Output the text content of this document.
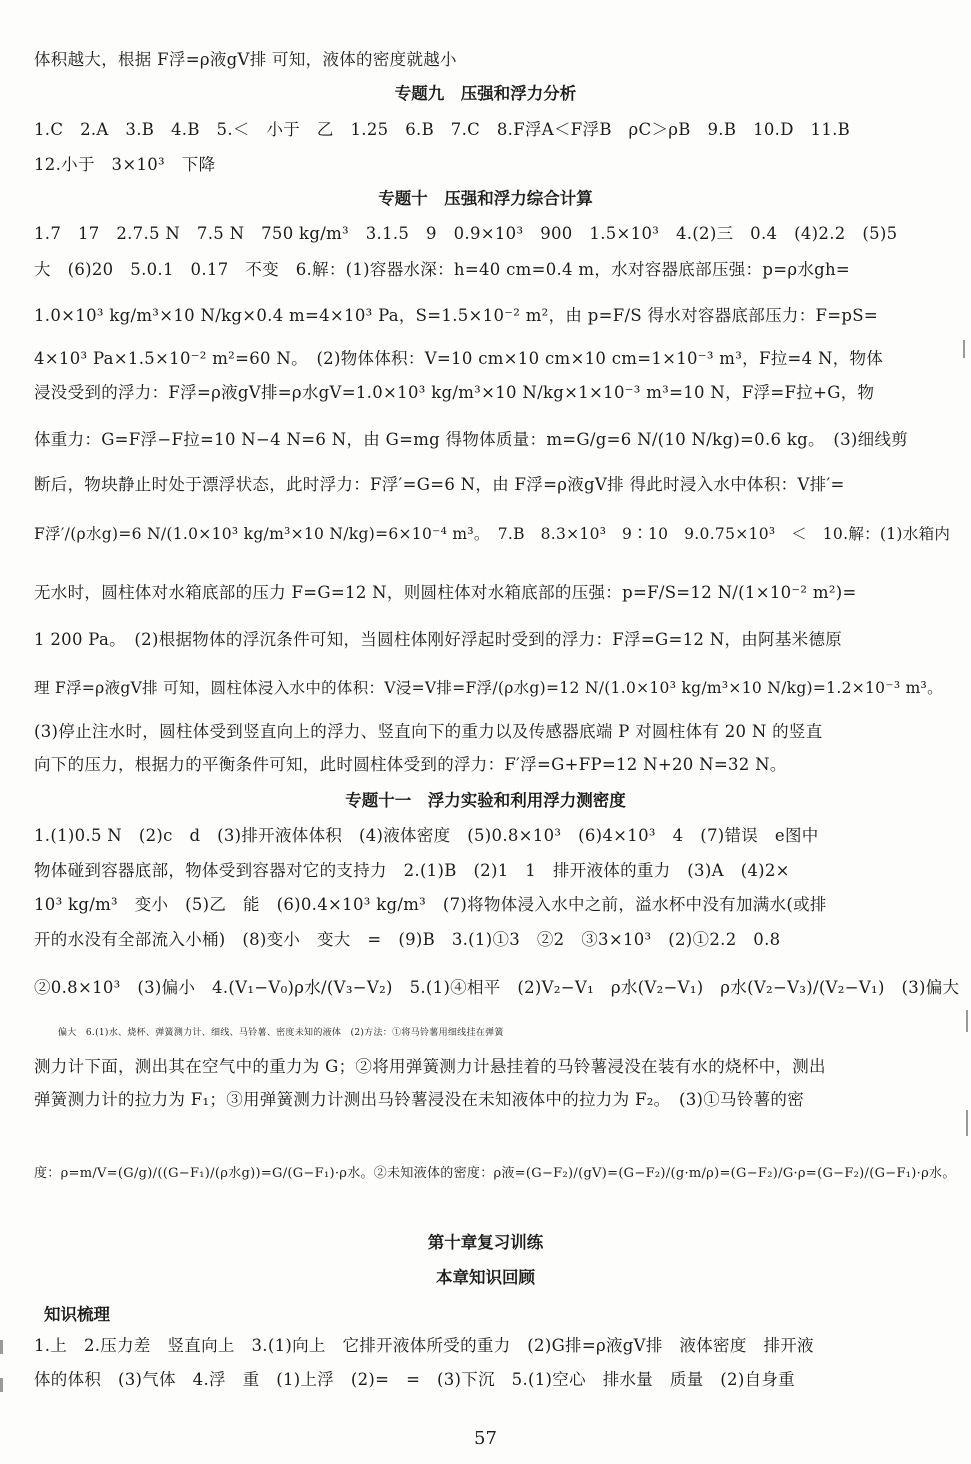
体积越大，根据 F浮=ρ液gV排 可知，液体的密度就越小
专题九　压强和浮力分析
1.C　2.A　3.B　4.B　5.＜　小于　乙　1.25　6.B　7.C　8.F浮A＜F浮B　ρC＞ρB　9.B　10.D　11.B
12.小于　3×10³　下降
专题十　压强和浮力综合计算
1.7　17　2.7.5 N　7.5 N　750 kg/m³　3.1.5　9　0.9×10³　900　1.5×10³　4.(2)三　0.4　(4)2.2　(5)5
大　(6)20　5.0.1　0.17　不变　6.解：(1)容器水深：h=40 cm=0.4 m，水对容器底部压强：p=ρ水gh=
1.0×10³ kg/m³×10 N/kg×0.4 m=4×10³ Pa，S=1.5×10⁻² m²，由 p=F/S 得水对容器底部压力：F=pS=
4×10³ Pa×1.5×10⁻² m²=60 N。　(2)物体体积：V=10 cm×10 cm×10 cm=1×10⁻³ m³，F拉=4 N，物体
浸没受到的浮力：F浮=ρ液gV排=ρ水gV=1.0×10³ kg/m³×10 N/kg×1×10⁻³ m³=10 N，F浮=F拉+G，物
体重力：G=F浮−F拉=10 N−4 N=6 N，由 G=mg 得物体质量：m=G/g=6 N/(10 N/kg)=0.6 kg。　(3)细线剪
断后，物块静止时处于漂浮状态，此时浮力：F浮′=G=6 N，由 F浮=ρ液gV排 得此时浸入水中体积：V排′=
F浮′/(ρ水g)=6 N/(1.0×10³ kg/m³×10 N/kg)=6×10⁻⁴ m³。　7.B　8.3×10³　9∶10　9.0.75×10³　＜　10.解：(1)水箱内
无水时，圆柱体对水箱底部的压力 F=G=12 N，则圆柱体对水箱底部的压强：p=F/S=12 N/(1×10⁻² m²)=
1 200 Pa。　(2)根据物体的浮沉条件可知，当圆柱体刚好浮起时受到的浮力：F浮=G=12 N，由阿基米德原
理 F浮=ρ液gV排 可知，圆柱体浸入水中的体积：V浸=V排=F浮/(ρ水g)=12 N/(1.0×10³ kg/m³×10 N/kg)=1.2×10⁻³ m³。
(3)停止注水时，圆柱体受到竖直向上的浮力、竖直向下的重力以及传感器底端 P 对圆柱体有 20 N 的竖直
向下的压力，根据力的平衡条件可知，此时圆柱体受到的浮力：F′浮=G+FP=12 N+20 N=32 N。
专题十一　浮力实验和利用浮力测密度
1.(1)0.5 N　(2)c　d　(3)排开液体体积　(4)液体密度　(5)0.8×10³　(6)4×10³　4　(7)错误　e图中
物体碰到容器底部，物体受到容器对它的支持力　2.(1)B　(2)1　1　排开液体的重力　(3)A　(4)2×
10³ kg/m³　变小　(5)乙　能　(6)0.4×10³ kg/m³　(7)将物体浸入水中之前，溢水杯中没有加满水(或排
开的水没有全部流入小桶)　(8)变小　变大　=　(9)B　3.(1)①3　②2　③3×10³　(2)①2.2　0.8
②0.8×10³　(3)偏小　4.(V₁−V₀)ρ水/(V₃−V₂)　5.(1)④相平　(2)V₂−V₁　ρ水(V₂−V₁)　ρ水(V₂−V₃)/(V₂−V₁)　(3)偏大
偏大　6.(1)水、烧杯、弹簧测力计、细线、马铃薯、密度未知的液体　(2)方法：①将马铃薯用细线挂在弹簧
测力计下面，测出其在空气中的重力为 G；②将用弹簧测力计悬挂着的马铃薯浸没在装有水的烧杯中，测出
弹簧测力计的拉力为 F₁；③用弹簧测力计测出马铃薯浸没在未知液体中的拉力为 F₂。　(3)①马铃薯的密
度：ρ=m/V=(G/g)/((G−F₁)/(ρ水g))=G/(G−F₁)·ρ水。②未知液体的密度：ρ液=(G−F₂)/(gV)=(G−F₂)/(g·m/ρ)=(G−F₂)/G·ρ=(G−F₂)/(G−F₁)·ρ水。
第十章复习训练
本章知识回顾
知识梳理
1.上　2.压力差　竖直向上　3.(1)向上　它排开液体所受的重力　(2)G排=ρ液gV排　液体密度　排开液
体的体积　(3)气体　4.浮　重　(1)上浮　(2)=　=　(3)下沉　5.(1)空心　排水量　质量　(2)自身重
57
